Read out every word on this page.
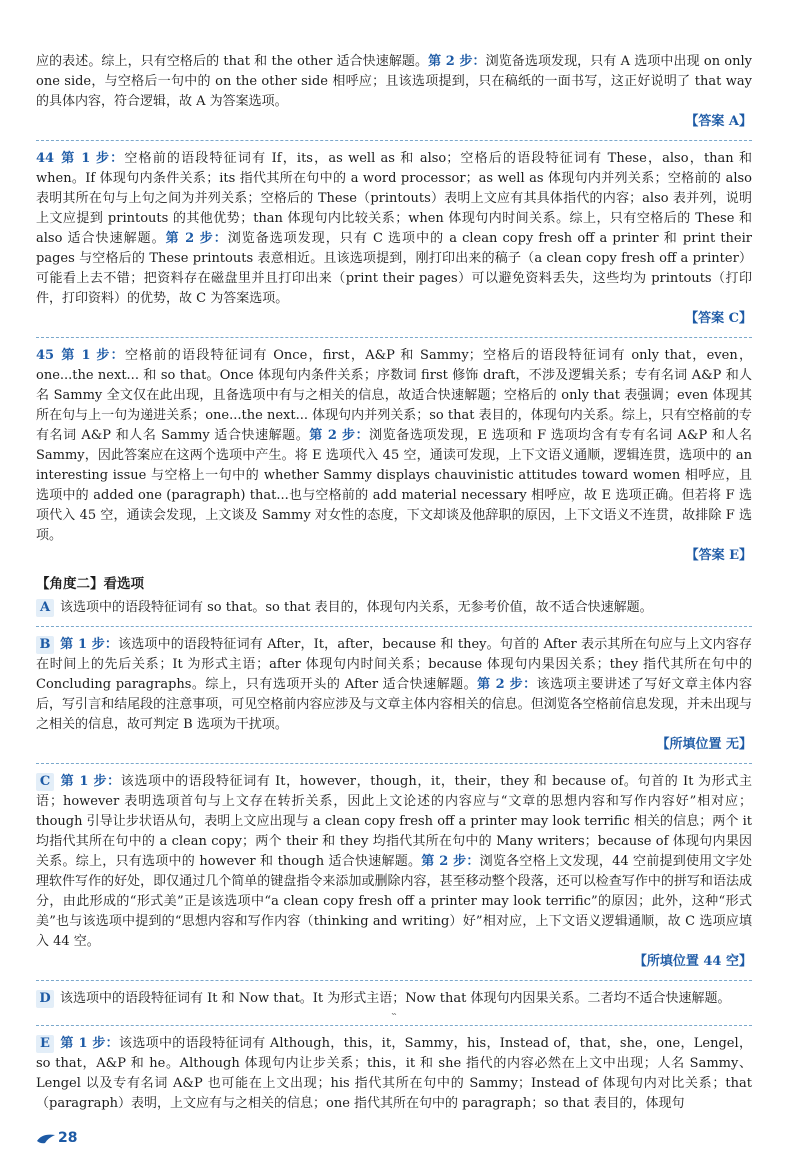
应的表述。综上，只有空格后的 that 和 the other 适合快速解题。第 2 步：浏览备选项发现，只有 A 选项中出现 on only one side，与空格后一句中的 on the other side 相呼应；且该选项提到，只在稿纸的一面书写，这正好说明了 that way 的具体内容，符合逻辑，故 A 为答案选项。

【答案 A】

44 第 1 步：空格前的语段特征词有 If，its，as well as 和 also；空格后的语段特征词有 These，also，than 和 when。If 体现句内条件关系；its 指代其所在句中的 a word processor；as well as 体现句内并列关系；空格前的 also 表明其所在句与上句之间为并列关系；空格后的 These（printouts）表明上文应有其具体指代的内容；also 表并列，说明上文应提到 printouts 的其他优势；than 体现句内比较关系；when 体现句内时间关系。综上，只有空格后的 These 和 also 适合快速解题。第 2 步：浏览备选项发现，只有 C 选项中的 a clean copy fresh off a printer 和 print their pages 与空格后的 These printouts 表意相近。且该选项提到，刚打印出来的稿子（a clean copy fresh off a printer）可能看上去不错；把资料存在磁盘里并且打印出来（print their pages）可以避免资料丢失，这些均为 printouts（打印件，打印资料）的优势，故 C 为答案选项。

【答案 C】

45 第 1 步：空格前的语段特征词有 Once，first，A&P 和 Sammy；空格后的语段特征词有 only that，even，one...the next... 和 so that。Once 体现句内条件关系；序数词 first 修饰 draft，不涉及逻辑关系；专有名词 A&P 和人名 Sammy 全文仅在此出现，且备选项中有与之相关的信息，故适合快速解题；空格后的 only that 表强调；even 体现其所在句与上一句为递进关系；one...the next... 体现句内并列关系；so that 表目的，体现句内关系。综上，只有空格前的专有名词 A&P 和人名 Sammy 适合快速解题。第 2 步：浏览备选项发现，E 选项和 F 选项均含有专有名词 A&P 和人名 Sammy，因此答案应在这两个选项中产生。将 E 选项代入 45 空，通读可发现，上下文语义通顺，逻辑连贯，选项中的 an interesting issue 与空格上一句中的 whether Sammy displays chauvinistic attitudes toward women 相呼应，且选项中的 added one (paragraph) that...也与空格前的 add material necessary 相呼应，故 E 选项正确。但若将 F 选项代入 45 空，通读会发现，上文谈及 Sammy 对女性的态度，下文却谈及他辞职的原因，上下文语义不连贯，故排除 F 选项。

【答案 E】
【角度二】看选项

A 该选项中的语段特征词有 so that。so that 表目的，体现句内关系，无参考价值，故不适合快速解题。

B 第 1 步：该选项中的语段特征词有 After，It，after，because 和 they。句首的 After 表示其所在句应与上文内容存在时间上的先后关系；It 为形式主语；after 体现句内时间关系；because 体现句内果因关系；they 指代其所在句中的 Concluding paragraphs。综上，只有选项开头的 After 适合快速解题。第 2 步：该选项主要讲述了写好文章主体内容后，写引言和结尾段的注意事项，可见空格前内容应涉及与文章主体内容相关的信息。但浏览各空格前信息发现，并未出现与之相关的信息，故可判定 B 选项为干扰项。

【所填位置 无】

C 第 1 步：该选项中的语段特征词有 It，however，though，it，their，they 和 because of。句首的 It 为形式主语；however 表明选项首句与上文存在转折关系，因此上文论述的内容应与“文章的思想内容和写作内容好”相对应；though 引导让步状语从句，表明上文应出现与 a clean copy fresh off a printer may look terrific 相关的信息；两个 it 均指代其所在句中的 a clean copy；两个 their 和 they 均指代其所在句中的 Many writers；because of 体现句内果因关系。综上，只有选项中的 however 和 though 适合快速解题。第 2 步：浏览各空格上文发现，44 空前提到使用文字处理软件写作的好处，即仅通过几个简单的键盘指令来添加或删除内容，甚至移动整个段落，还可以检查写作中的拼写和语法成分，由此形成的“形式美”正是该选项中“a clean copy fresh off a printer may look terrific”的原因；此外，这种“形式美”也与该选项中提到的“思想内容和写作内容（thinking and writing）好”相对应，上下文语义逻辑通顺，故 C 选项应填入 44 空。

【所填位置 44 空】

D 该选项中的语段特征词有 It 和 Now that。It 为形式主语；Now that 体现句内因果关系。二者均不适合快速解题。

˵

E 第 1 步：该选项中的语段特征词有 Although，this，it，Sammy，his，Instead of，that，she，one，Lengel，so that，A&P 和 he。Although 体现句内让步关系；this，it 和 she 指代的内容必然在上文中出现；人名 Sammy、Lengel 以及专有名词 A&P 也可能在上文出现；his 指代其所在句中的 Sammy；Instead of 体现句内对比关系；that（paragraph）表明，上文应有与之相关的信息；one 指代其所在句中的 paragraph；so that 表目的，体现句

28
